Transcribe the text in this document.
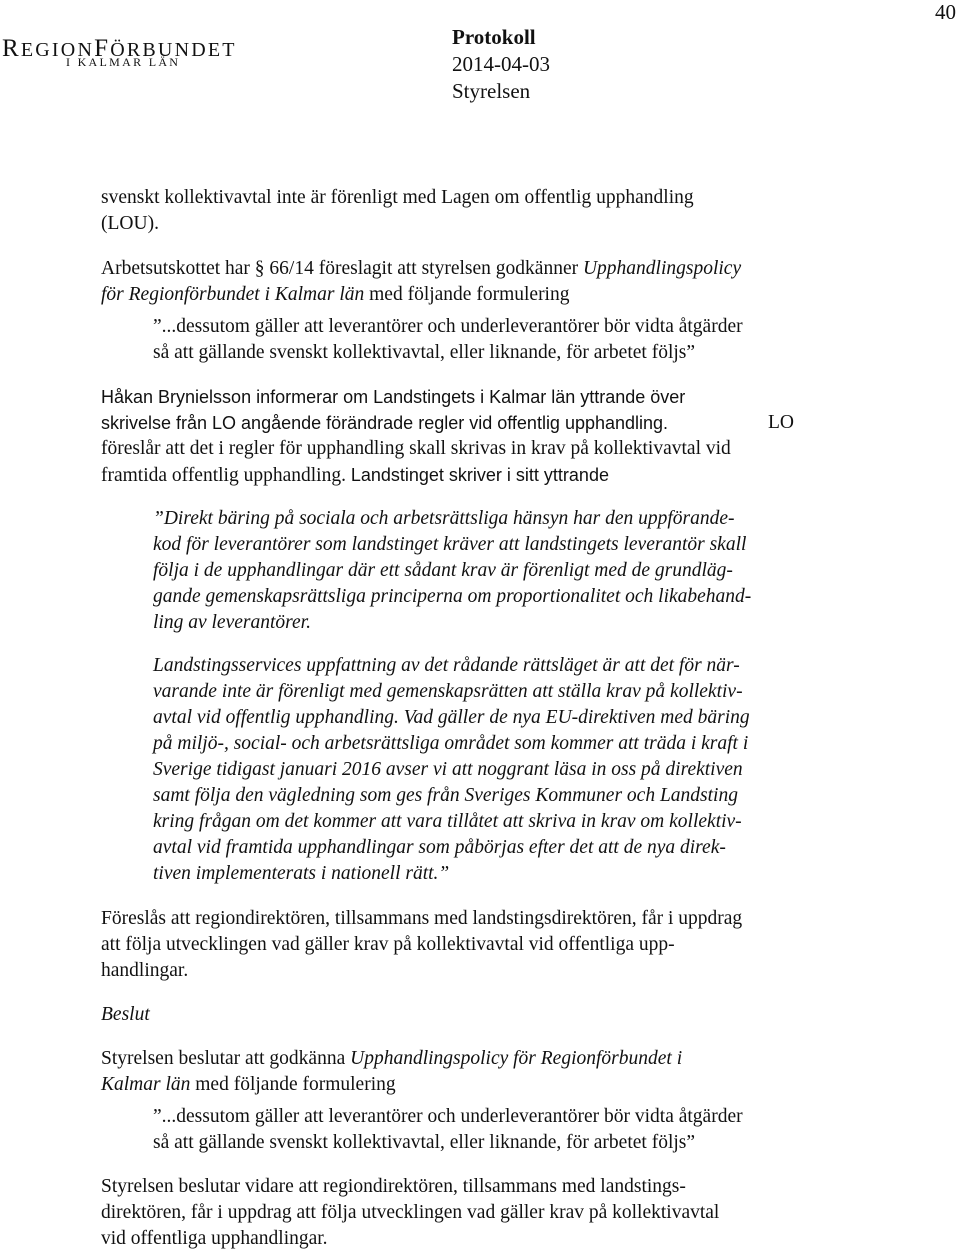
40
REGIONFÖRBUNDET
I KALMAR LÄN
Protokoll
2014-04-03
Styrelsen
svenskt kollektivavtal inte är förenligt med Lagen om offentlig upphandling
(LOU).
Arbetsutskottet har § 66/14 föreslagit att styrelsen godkänner Upphandlingspolicy
för Regionförbundet i Kalmar län med följande formulering
”...dessutom gäller att leverantörer och underleverantörer bör vidta åtgärder
så att gällande svenskt kollektivavtal, eller liknande, för arbetet följs”
Håkan Brynielsson informerar om Landstingets i Kalmar län yttrande över
skrivelse från LO angående förändrade regler vid offentlig upphandling.	LO
föreslår att det i regler för upphandling skall skrivas in krav på kollektivavtal vid
framtida offentlig upphandling. Landstinget skriver i sitt yttrande
”Direkt bäring på sociala och arbetsrättsliga hänsyn har den uppförande-
kod för leverantörer som landstinget kräver att landstingets leverantör skall
följa i de upphandlingar där ett sådant krav är förenligt med de grundläg-
gande gemenskapsrättsliga principerna om proportionalitet och likabehand-
ling av leverantörer.
Landstingsservices uppfattning av det rådande rättsläget är att det för när-
varande inte är förenligt med gemenskapsrätten att ställa krav på kollektiv-
avtal vid offentlig upphandling. Vad gäller de nya EU-direktiven med bäring
på miljö-, social- och arbetsrättsliga området som kommer att träda i kraft i
Sverige tidigast januari 2016 avser vi att noggrant läsa in oss på direktiven
samt följa den vägledning som ges från Sveriges Kommuner och Landsting
kring frågan om det kommer att vara tillåtet att skriva in krav om kollektiv-
avtal vid framtida upphandlingar som påbörjas efter det att de nya direk-
tiven implementerats i nationell rätt.”
Föreslås att regiondirektören, tillsammans med landstingsdirektören, får i uppdrag
att följa utvecklingen vad gäller krav på kollektivavtal vid offentliga upp-
handlingar.
Beslut
Styrelsen beslutar att godkänna Upphandlingspolicy för Regionförbundet i
Kalmar län med följande formulering
”...dessutom gäller att leverantörer och underleverantörer bör vidta åtgärder
så att gällande svenskt kollektivavtal, eller liknande, för arbetet följs”
Styrelsen beslutar vidare att regiondirektören, tillsammans med landstings-
direktören, får i uppdrag att följa utvecklingen vad gäller krav på kollektivavtal
vid offentliga upphandlingar.
